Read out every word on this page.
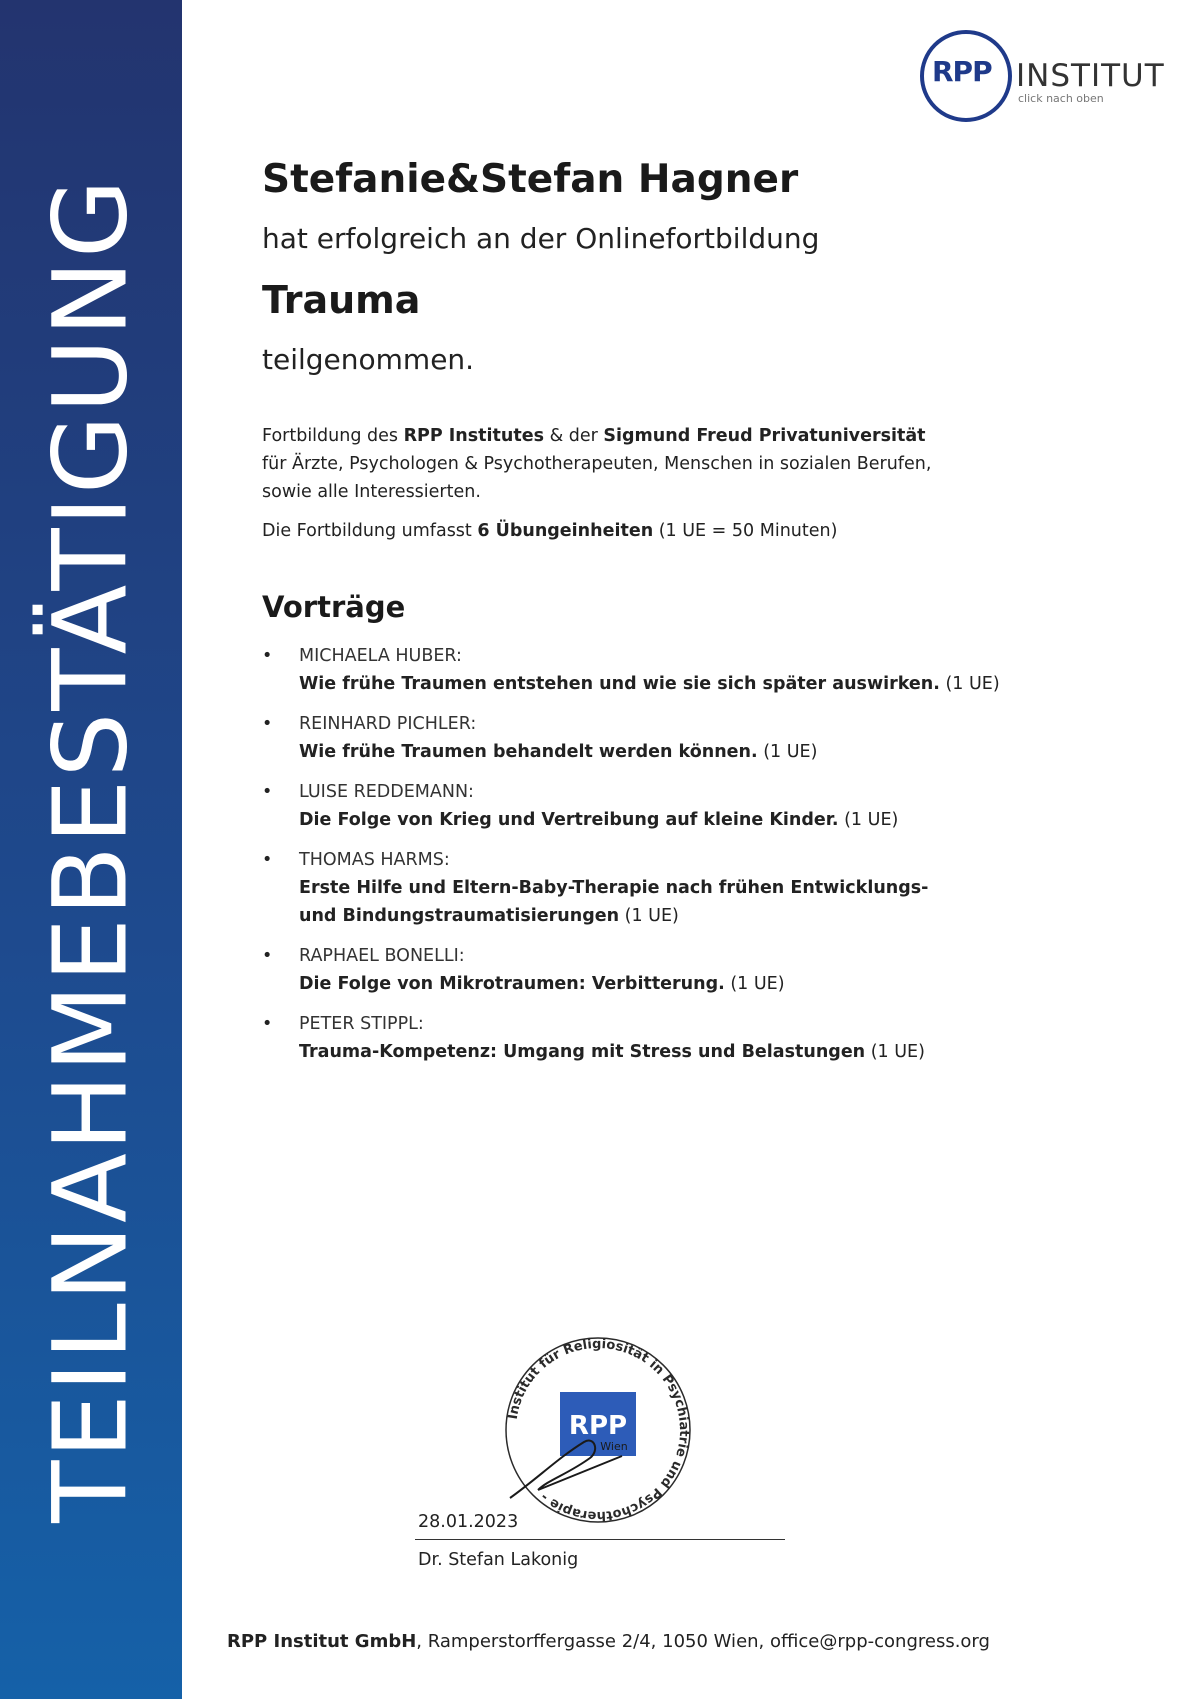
TEILNAHMEBESTÄTIGUNG
RPP INSTITUT
click nach oben
Stefanie&Stefan Hagner
hat erfolgreich an der Onlinefortbildung
Trauma
teilgenommen.

Fortbildung des RPP Institutes & der Sigmund Freud Privatuniversität

für Ärzte, Psychologen & Psychotherapeuten, Menschen in sozialen Berufen,

sowie alle Interessierten.

Die Fortbildung umfasst 6 Übungeinheiten (1 UE = 50 Minuten)

Vorträge
• MICHAELA HUBER:
Wie frühe Traumen entstehen und wie sie sich später auswirken. (1 UE)
• REINHARD PICHLER:
Wie frühe Traumen behandelt werden können. (1 UE)
• LUISE REDDEMANN:
Die Folge von Krieg und Vertreibung auf kleine Kinder. (1 UE)
• THOMAS HARMS:
Erste Hilfe und Eltern-Baby-Therapie nach frühen Entwicklungs-
und Bindungstraumatisierungen (1 UE)
• RAPHAEL BONELLI:
Die Folge von Mikrotraumen: Verbitterung. (1 UE)
• PETER STIPPL:
Trauma-Kompetenz: Umgang mit Stress und Belastungen (1 UE)
Institut für Religiosität in Psychiatrie und Psychotherapie -
RPP
Wien
28.01.2023
Dr. Stefan Lakonig
RPP Institut GmbH, Ramperstorffergasse 2/4, 1050 Wien, office@rpp-congress.org
